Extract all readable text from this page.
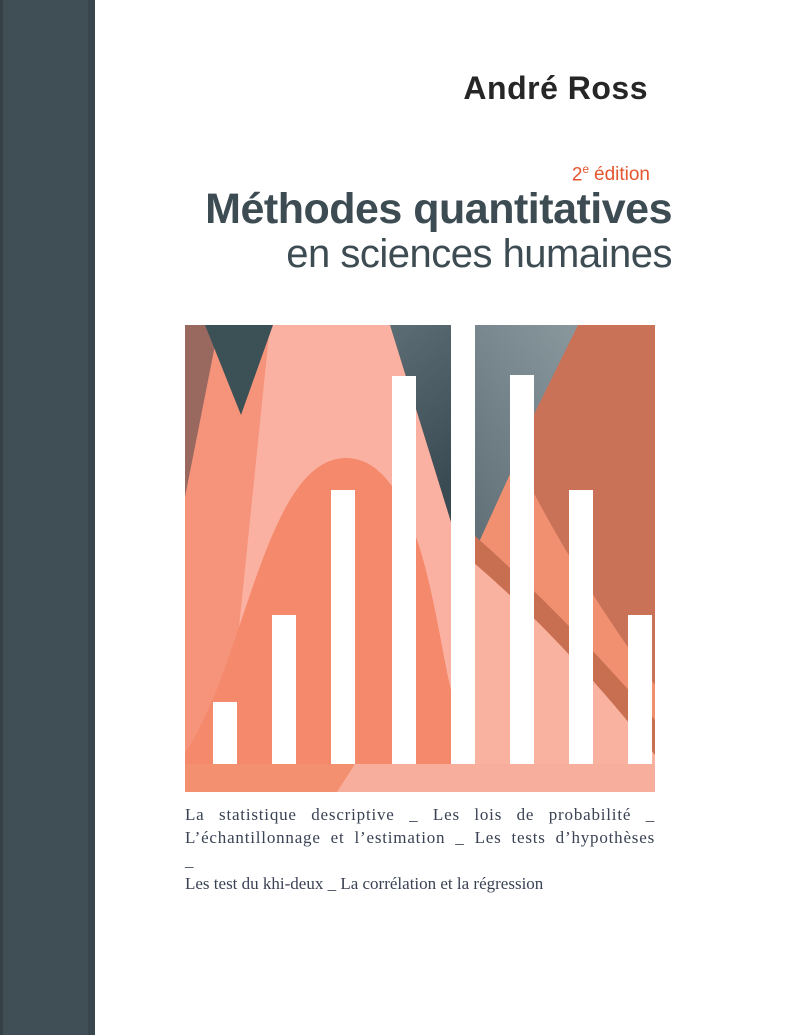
André Ross
2e édition
Méthodes quantitatives
en sciences humaines
La statistique descriptive _ Les lois de probabilité _
L’échantillonnage et l’estimation _ Les tests d’hypothèses _
Les test du khi-deux _ La corrélation et la régression
